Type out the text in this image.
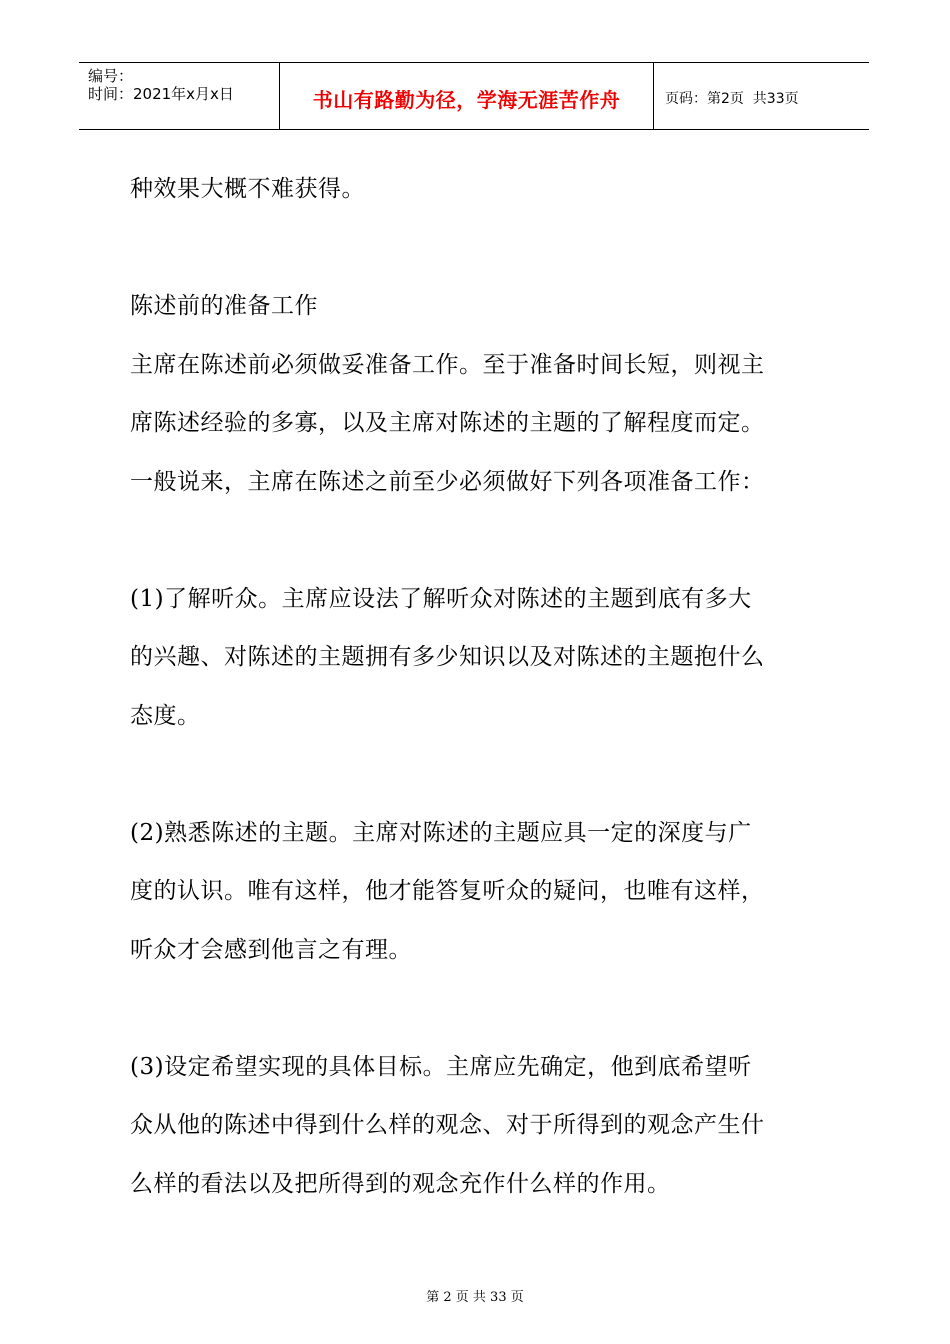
编号：
时间：2021年x月x日	书山有路勤为径，学海无涯苦作舟	页码：第2页  共33页

种效果大概不难获得。
陈述前的准备工作
主席在陈述前必须做妥准备工作。至于准备时间长短，则视主
席陈述经验的多寡，以及主席对陈述的主题的了解程度而定。
一般说来，主席在陈述之前至少必须做好下列各项准备工作：
(1)了解听众。主席应设法了解听众对陈述的主题到底有多大
的兴趣、对陈述的主题拥有多少知识以及对陈述的主题抱什么
态度。
(2)熟悉陈述的主题。主席对陈述的主题应具一定的深度与广
度的认识。唯有这样，他才能答复听众的疑问，也唯有这样，
听众才会感到他言之有理。
(3)设定希望实现的具体目标。主席应先确定，他到底希望听
众从他的陈述中得到什么样的观念、对于所得到的观念产生什
么样的看法以及把所得到的观念充作什么样的作用。

第 2 页 共 33 页
